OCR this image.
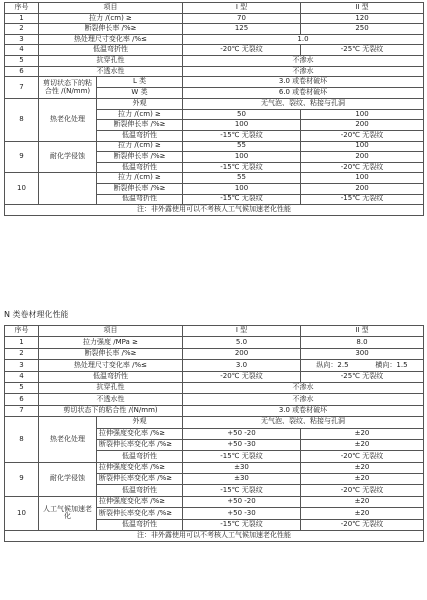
序号	项目		I 型	II 型
1	拉力 /(cm) ≥		70	120
2	断裂伸长率 /%≥		125	250
3	热处理尺寸变化率 /%≤		1.0	
4	低温弯折性		-20℃ 无裂纹	-25℃ 无裂纹
5	抗穿孔性		不渗水	
6	不透水性		不渗水	
7	剪切状态下的粘合性 /(N/mm)	L 类	3.0 或卷材破坏	
		W 类	6.0 或卷材破坏	
8	热老化处理	外观	无气泡、裂纹、粘接与孔洞	
		拉力 /(cm) ≥	50	100
		断裂伸长率 /%≥	100	200
		低温弯折性	-15℃ 无裂纹	-20℃ 无裂纹
9	耐化学侵蚀	拉力 /(cm) ≥	55	100
		断裂伸长率 /%≥	100	200
		低温弯折性	-15℃ 无裂纹	-20℃ 无裂纹
10		拉力 /(cm) ≥	55	100
		断裂伸长率 /%≥	100	200
		低温弯折性	-15℃ 无裂纹	-15℃ 无裂纹
注：非外露使用可以不考核人工气候加速老化性能				
N 类卷材理化性能
序号	项目		I 型	II 型
1	拉力强度 /MPa ≥		5.0	8.0
2	断裂伸长率 /%≥		200	300
3	热处理尺寸变化率 /%≤		3.0	纵向：2.5 横向：1.5

4	低温弯折性		-20℃ 无裂纹	-25℃ 无裂纹
5	抗穿孔性		不渗水	
6	不透水性		不渗水	
7	剪切状态下的粘合性 /(N/mm)		3.0 或卷材破坏	
8	热老化处理	外观	无气泡、裂纹、粘接与孔洞	
		拉伸强度变化率 /%≥	+50 -20	±20
		断裂伸长率变化率 /%≥	+50 -30	±20
		低温弯折性	-15℃ 无裂纹	-20℃ 无裂纹
9	耐化学侵蚀	拉伸强度变化率 /%≥	±30	±20
		断裂伸长率变化率 /%≥	±30	±20
		低温弯折性	-15℃ 无裂纹	-20℃ 无裂纹
10	人工气候加速老化	拉伸强度变化率 /%≥	+50 -20	±20
		断裂伸长率变化率 /%≥	+50 -30	±20
		低温弯折性	-15℃ 无裂纹	-20℃ 无裂纹
注：非外露使用可以不考核人工气候加速老化性能				
